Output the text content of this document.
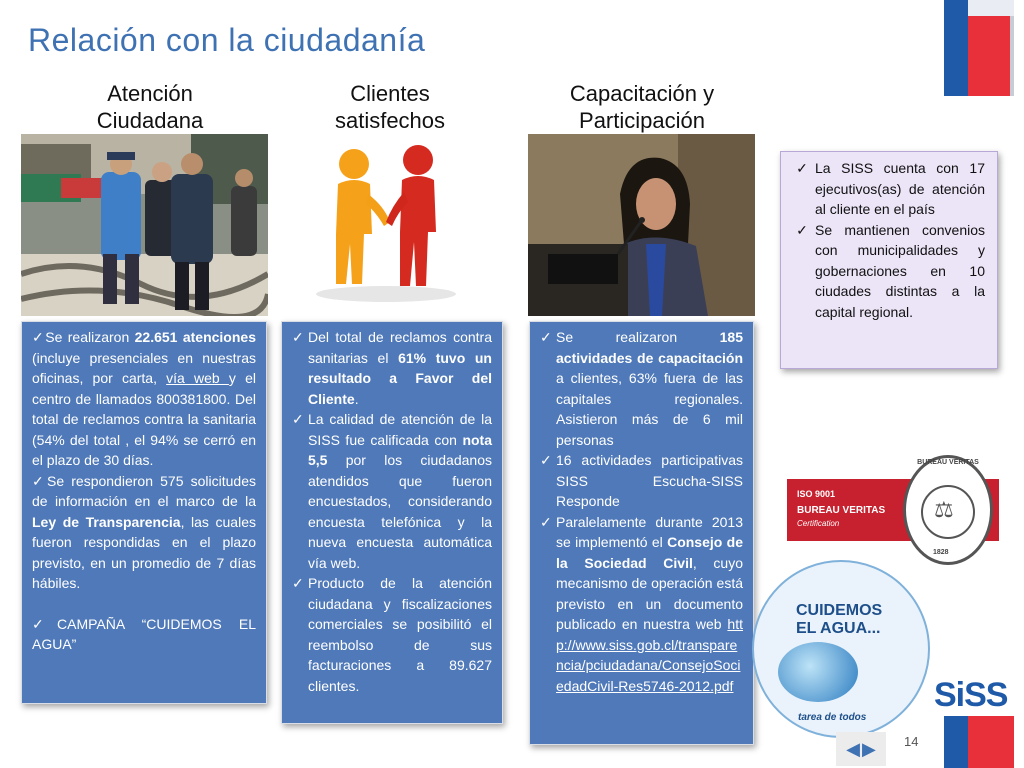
Relación con la ciudadanía
Atención
Ciudadana
Clientes
satisfechos
Capacitación y
Participación

✓Se realizaron 22.651 atenciones (incluye presenciales en nuestras oficinas, por carta, vía web y el centro de llamados 800381800. Del total de reclamos contra la sanitaria (54% del total , el 94% se cerró en el plazo de 30 días.

✓Se respondieron 575 solicitudes de información en el marco de la Ley de Transparencia, las cuales fueron respondidas en el plazo previsto, en un promedio de 7 días hábiles.

✓CAMPAÑA “CUIDEMOS EL AGUA”

✓ Del total de reclamos contra sanitarias el 61% tuvo un resultado a Favor del Cliente.
✓ La calidad de atención de la SISS fue calificada con nota 5,5 por los ciudadanos atendidos que fueron encuestados, considerando encuesta telefónica y la nueva encuesta automática vía web.
✓ Producto de la atención ciudadana y fiscalizaciones comerciales se posibilitó el reembolso de sus facturaciones a 89.627 clientes.
✓ Se realizaron 185 actividades de capacitación a clientes, 63% fuera de las capitales regionales. Asistieron más de 6 mil personas
✓ 16 actividades participativas SISS Escucha-SISS Responde
✓ Paralelamente durante 2013 se implementó el Consejo de la Sociedad Civil, cuyo mecanismo de operación está previsto en un documento publicado en nuestra web http://www.siss.gob.cl/transparencia/pciudadana/ConsejoSociedadCivil-Res5746-2012.pdf
✓ La SISS cuenta con 17 ejecutivos(as) de atención al cliente en el país
✓ Se mantienen convenios con municipalidades y gobernaciones en 10 ciudades distintas a la capital regional.
ISO 9001
BUREAU VERITAS
Certification
BUREAU VERITAS
⚖
1828
CUIDEMOS
EL AGUA...
tarea de todos
SiSS
◀ ▶ 14
